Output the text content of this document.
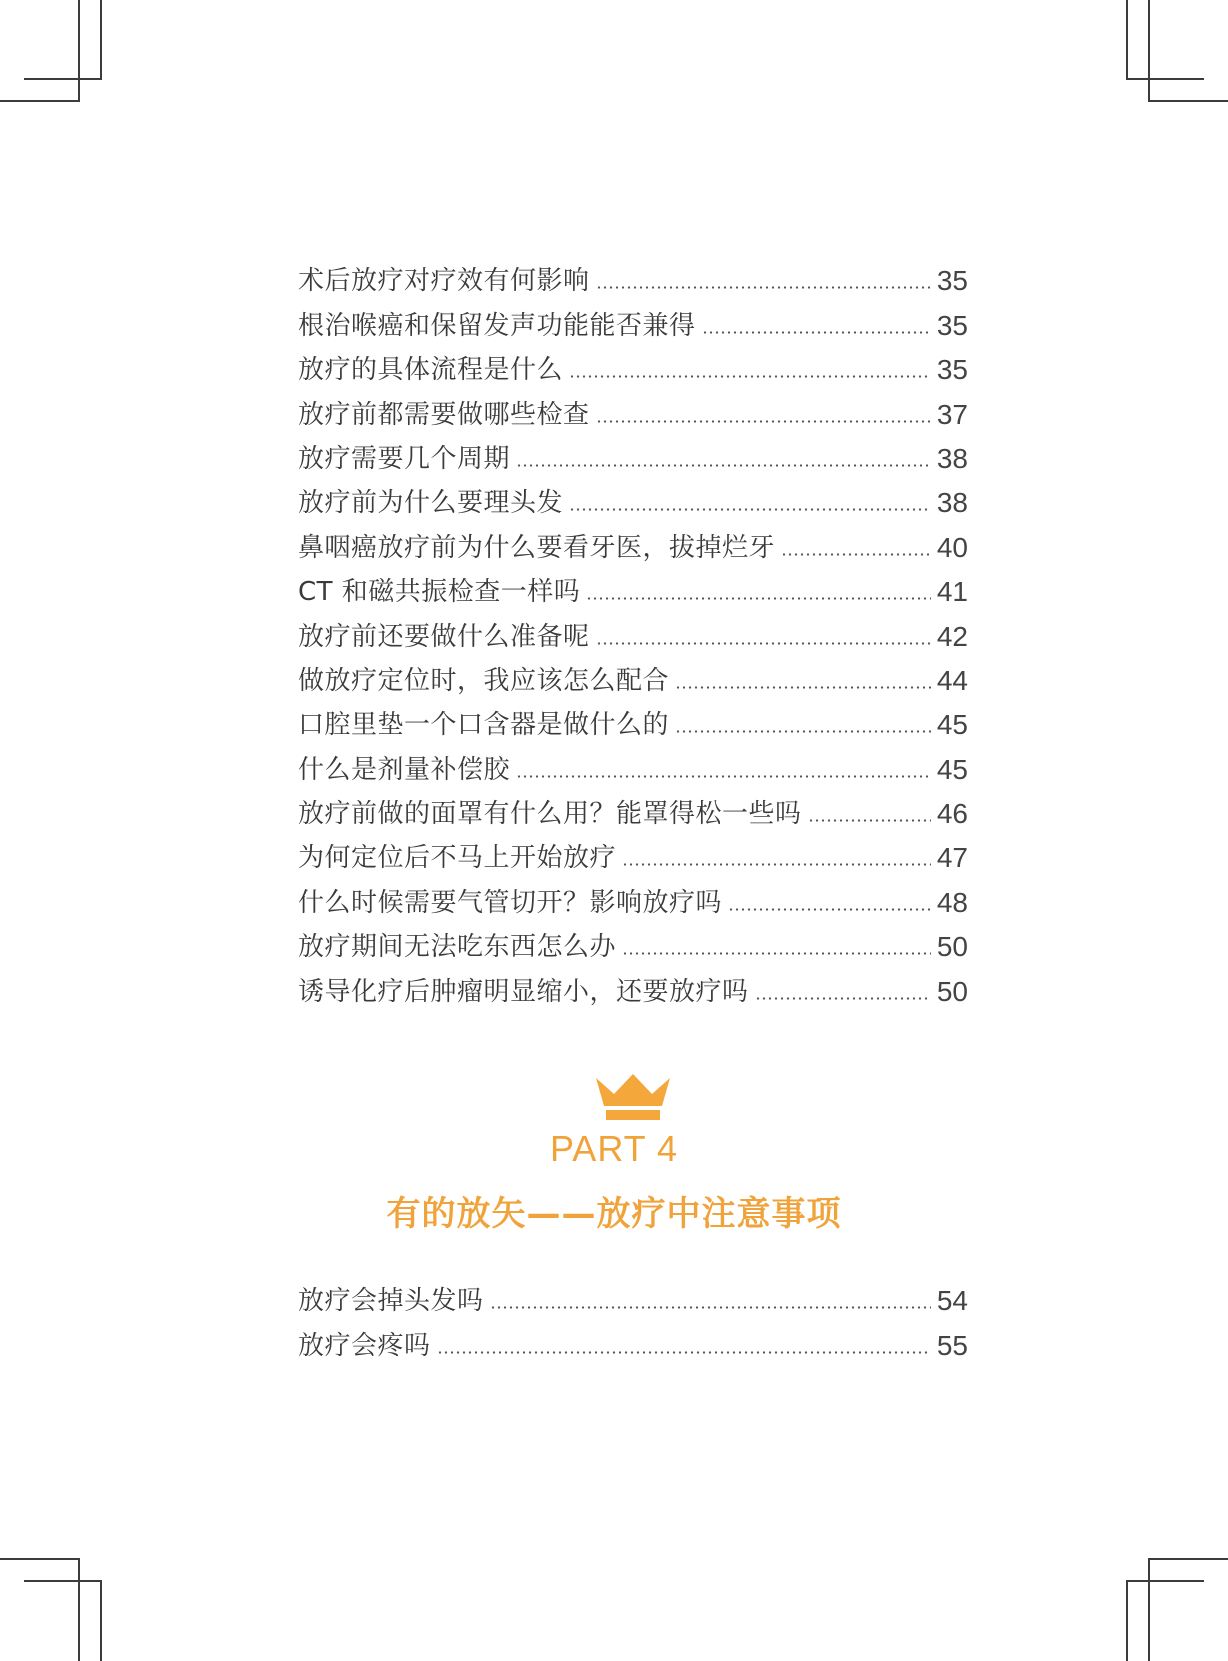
术后放疗对疗效有何影响	35
根治喉癌和保留发声功能能否兼得	35
放疗的具体流程是什么	35
放疗前都需要做哪些检查	37
放疗需要几个周期	38
放疗前为什么要理头发	38
鼻咽癌放疗前为什么要看牙医，拔掉烂牙	40
CT 和磁共振检查一样吗	41
放疗前还要做什么准备呢	42
做放疗定位时，我应该怎么配合	44
口腔里垫一个口含器是做什么的	45
什么是剂量补偿胶	45
放疗前做的面罩有什么用？能罩得松一些吗	46
为何定位后不马上开始放疗	47
什么时候需要气管切开？影响放疗吗	48
放疗期间无法吃东西怎么办	50
诱导化疗后肿瘤明显缩小，还要放疗吗	50
PART 4
有的放矢——放疗中注意事项
放疗会掉头发吗	54
放疗会疼吗	55
